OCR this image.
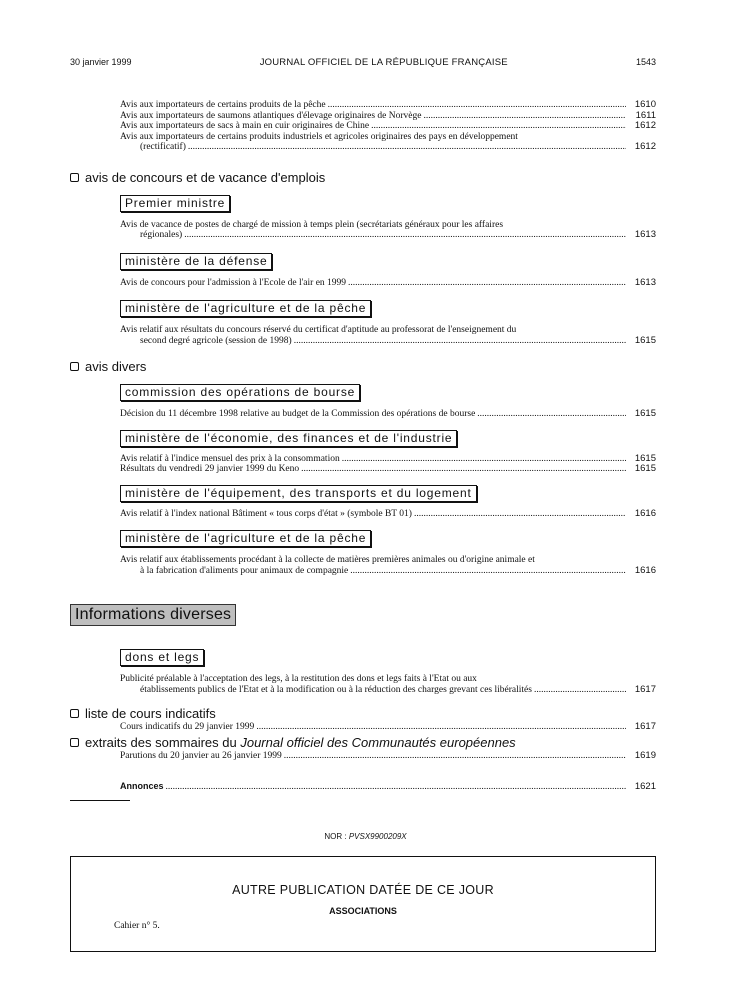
30 janvier 1999	JOURNAL OFFICIEL DE LA RÉPUBLIQUE FRANÇAISE	1543
Avis aux importateurs de certains produits de la pêche .....	1610
Avis aux importateurs de saumons atlantiques d'élevage originaires de Norvège .....	1611
Avis aux importateurs de sacs à main en cuir originaires de Chine .....	1612
Avis aux importateurs de certains produits industriels et agricoles originaires des pays en développement
(rectificatif) .....	1612
avis de concours et de vacance d'emplois
Premier ministre
Avis de vacance de postes de chargé de mission à temps plein (secrétariats généraux pour les affaires
régionales) .....	1613
ministère de la défense
Avis de concours pour l'admission à l'Ecole de l'air en 1999 .....	1613
ministère de l'agriculture et de la pêche
Avis relatif aux résultats du concours réservé du certificat d'aptitude au professorat de l'enseignement du
second degré agricole (session de 1998) .....	1615
avis divers
commission des opérations de bourse
Décision du 11 décembre 1998 relative au budget de la Commission des opérations de bourse .....	1615
ministère de l'économie, des finances et de l'industrie
Avis relatif à l'indice mensuel des prix à la consommation .....	1615
Résultats du vendredi 29 janvier 1999 du Keno .....	1615
ministère de l'équipement, des transports et du logement
Avis relatif à l'index national Bâtiment « tous corps d'état » (symbole BT 01) .....	1616
ministère de l'agriculture et de la pêche
Avis relatif aux établissements procédant à la collecte de matières premières animales ou d'origine animale et
à la fabrication d'aliments pour animaux de compagnie .....	1616
Informations diverses
dons et legs
Publicité préalable à l'acceptation des legs, à la restitution des dons et legs faits à l'Etat ou aux
établissements publics de l'Etat et à la modification ou à la réduction des charges grevant ces libéralités .....	1617
liste de cours indicatifs
Cours indicatifs du 29 janvier 1999 .....	1617
extraits des sommaires du Journal officiel des Communautés européennes
Parutions du 20 janvier au 26 janvier 1999 .....	1619
Annonces .....	1621
NOR : PVSX9900209X
AUTRE PUBLICATION DATÉE DE CE JOUR
ASSOCIATIONS
Cahier n° 5.
